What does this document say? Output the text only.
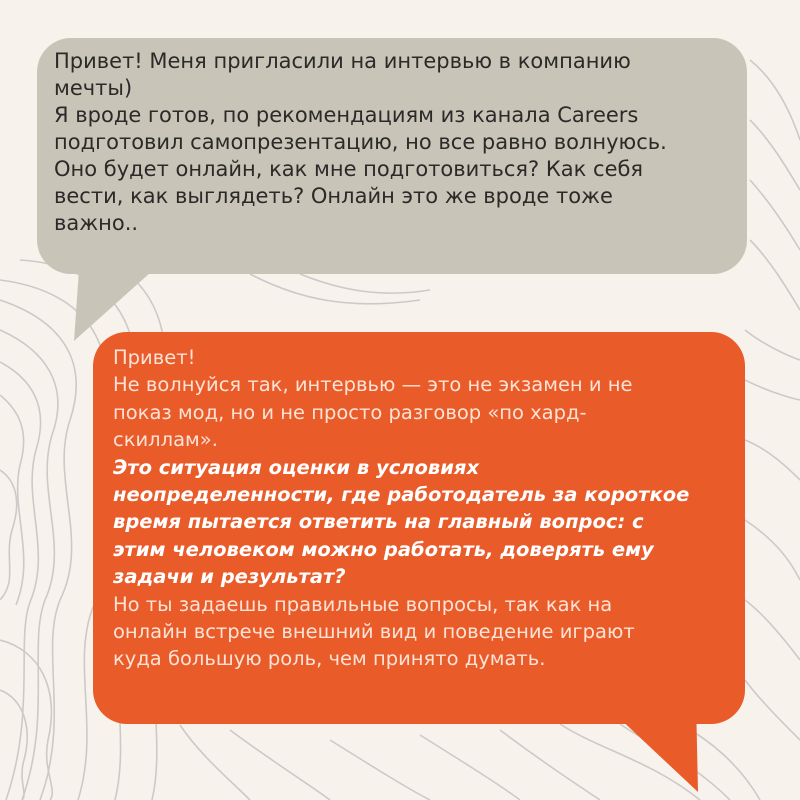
Привет! Меня пригласили на интервью в компанию
мечты)
Я вроде готов, по рекомендациям из канала Careers
подготовил самопрезентацию, но все равно волнуюсь.
Оно будет онлайн, как мне подготовиться? Как себя
вести, как выглядеть? Онлайн это же вроде тоже
важно..
Привет!
Не волнуйся так, интервью — это не экзамен и не
показ мод, но и не просто разговор «по хард-
скиллам».
Это ситуация оценки в условиях
неопределенности, где работодатель за короткое
время пытается ответить на главный вопрос: с
этим человеком можно работать, доверять ему
задачи и результат?
Но ты задаешь правильные вопросы, так как на
онлайн встрече внешний вид и поведение играют
куда большую роль, чем принято думать.
